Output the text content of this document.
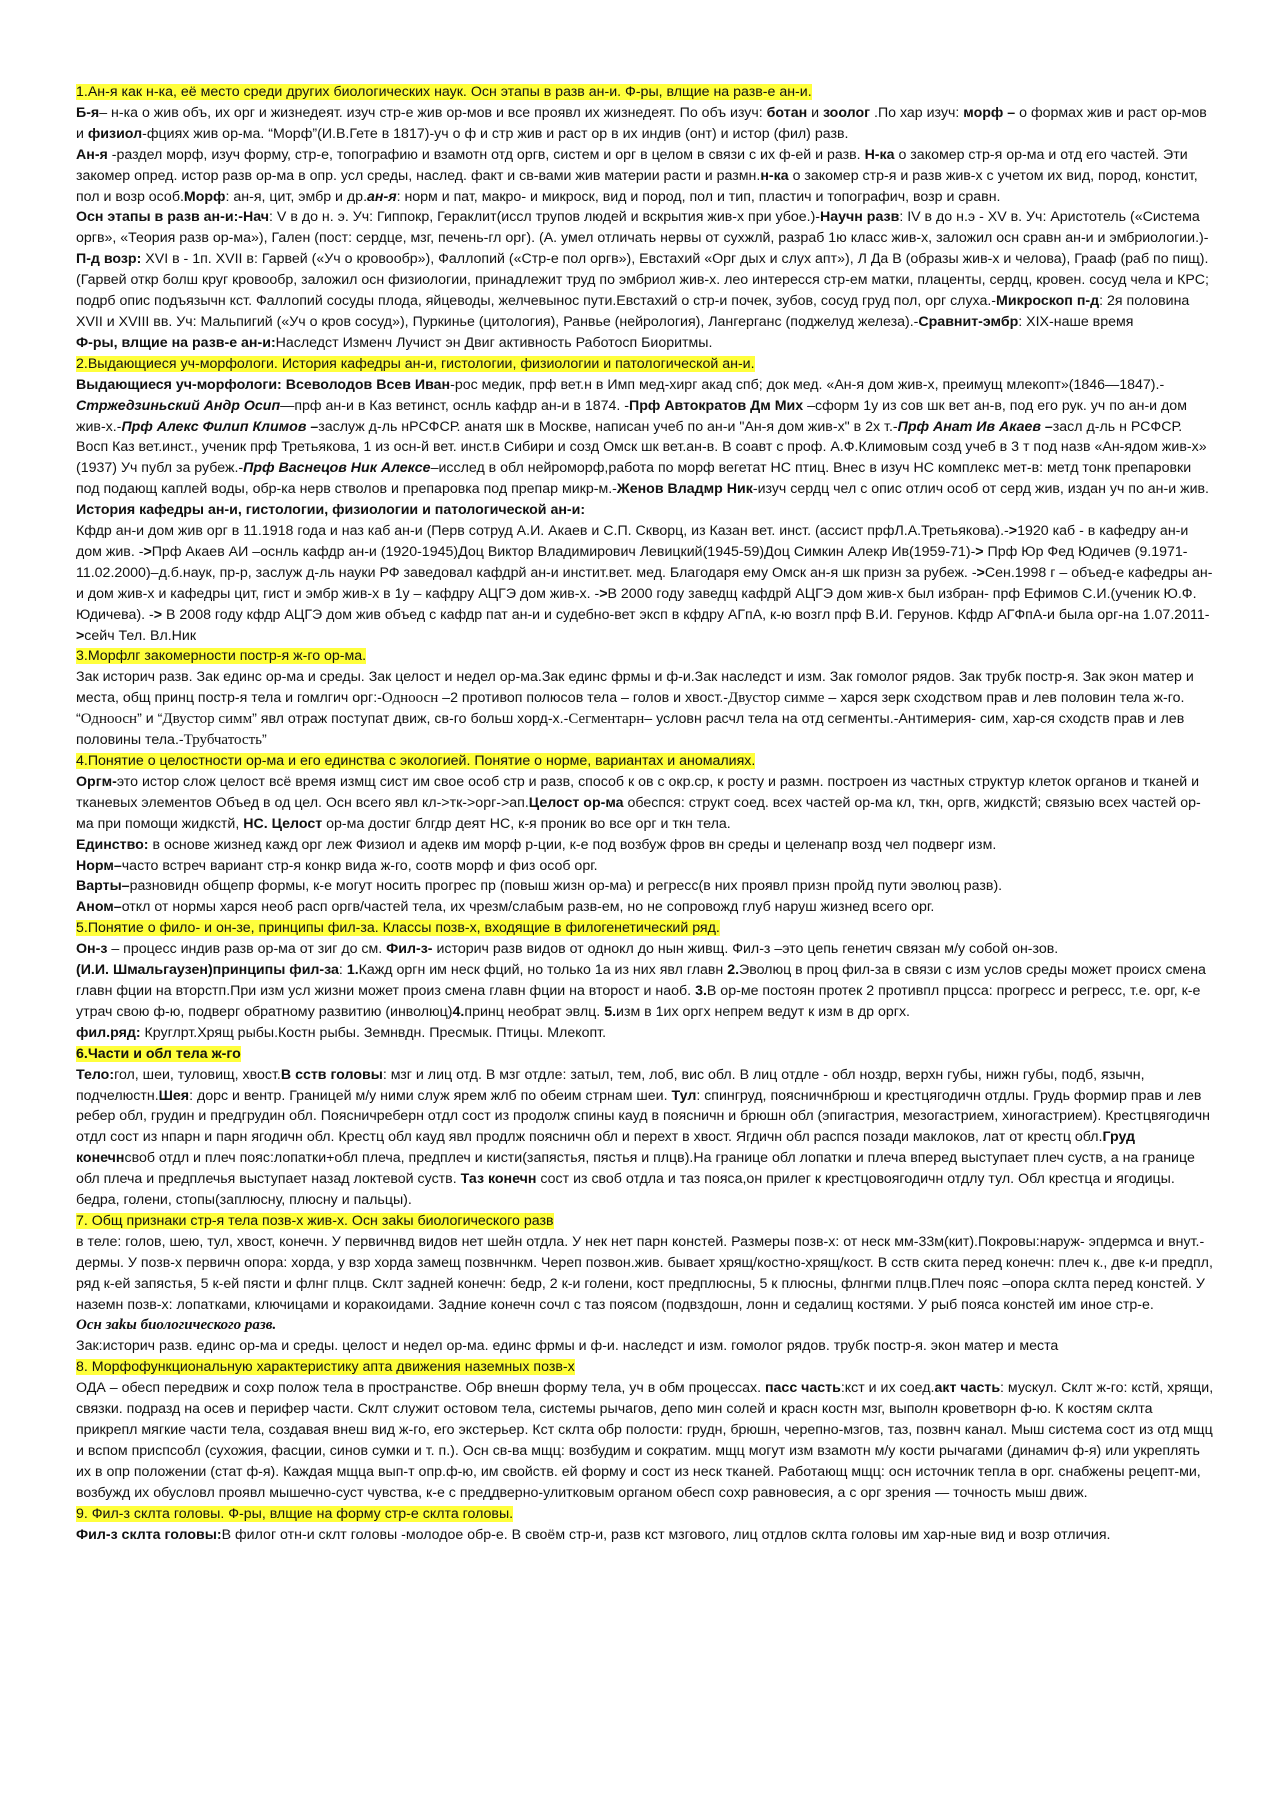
1.Ан-я как н-ка, её место среди других биологических наук. Осн этапы в разв ан-и. Ф-ры, влщие на разв-е ан-и.
Б-я– н-ка о жив объ, их орг и жизнедеят. изуч стр-е жив ор-мов и все проявл их жизнедеят. По объ изуч: ботан и зоолог .По хар изуч: морф – о формах жив и раст ор-мов и физиол-фциях жив ор-ма. “Морф”(И.В.Гете в 1817)-уч о ф и стр жив и раст ор в их индив (онт) и истор (фил) разв.
Ан-я -раздел морф, изуч форму, стр-е, топографию и взамотн отд оргв, систем и орг в целом в связи с их ф-ей и разв. Н-ка о закомер стр-я ор-ма и отд его частей. Эти закомер опред. истор разв ор-ма в опр. усл среды, наслед. факт и св-вами жив материи расти и размн.н-ка о закомер стр-я и разв жив-х с учетом их вид, пород, констит, пол и возр особ.Морф: ан-я, цит, эмбр и др.ан-я: норм и пат, макро- и микроск, вид и пород, пол и тип, пластич и топографич, возр и сравн.
Осн этапы в разв ан-и:-Нач: V в до н. э. Уч: Гиппокр, Гераклит(иссл трупов людей и вскрытия жив-х при убое.)-Научн разв: IV в до н.э - XV в. Уч: Аристотель («Система оргв», «Теория разв ор-ма»), Гален (пост: сердце, мзг, печень-гл орг). (А. умел отличать нервы от сухжлй, разраб 1ю класс жив-х, заложил осн сравн ан-и и эмбриологии.)-П-д возр: XVI в - 1п. XVII в: Гарвей («Уч о кровообр»), Фаллопий («Стр-е пол оргв»), Евстахий «Орг дых и слух апт»), Л Да В (образы жив-х и челова), Грааф (раб по пищ).(Гарвей откр болш круг кровообр, заложил осн физиологии, принадлежит труд по эмбриол жив-х. лео интересся стр-ем матки, плаценты, сердц, кровен. сосуд чела и КРС; подрб опис подъязычн кст. Фаллопий сосуды плода, яйцеводы, желчевынос пути.Евстахий о стр-и почек, зубов, сосуд груд пол, орг слуха.-Микроскоп п-д: 2я половина XVII и XVIII вв. Уч: Мальпигий («Уч о кров сосуд»), Пуркинье (цитология), Ранвье (нейрология), Лангерганс (поджелуд железа).-Сравнит-эмбр: XIX-наше время
Ф-ры, влщие на разв-е ан-и:Наследст Изменч Лучист эн Двиг активность Работосп Биоритмы.
2.Выдающиеся уч-морфологи. История кафедры ан-и, гистологии, физиологии и патологической ан-и.
Выдающиеся уч-морфологи: Всеволодов Всев Иван-рос медик, прф вет.н в Имп мед-хирг акад спб; док мед. «Ан-я дом жив-х, преимущ млекопт»(1846—1847).-Стржедзиньский Андр Осип—прф ан-и в Каз ветинст, оснль кафдр ан-и в 1874. -Прф Автократов Дм Мих –сформ 1у из сов шк вет ан-в, под его рук. уч по ан-и дом жив-х.-Прф Алекс Филип Климов –заслуж д-ль нРСФСР. анатя шк в Москве, написан учеб по ан-и "Ан-я дом жив-х" в 2х т.-Прф Анат Ив Акаев –засл д-ль н РСФСР. Восп Каз вет.инст., ученик прф Третьякова, 1 из осн-й вет. инст.в Сибири и созд Омск шк вет.ан-в. В соавт с проф. А.Ф.Климовым созд учеб в 3 т под назв «Ан-ядом жив-х» (1937) Уч публ за рубеж.-Прф Васнецов Ник Алексе–исслед в обл нейроморф,работа по морф вегетат НС птиц. Внес в изуч НС комплекс мет-в: метд тонк препаровки под подающ каплей воды, обр-ка нерв стволов и препаровка под препар микр-м.-Женов Владмр Ник-изуч сердц чел с опис отлич особ от серд жив, издан уч по ан-и жив.
История кафедры ан-и, гистологии, физиологии и патологической ан-и:
Кфдр ан-и дом жив орг в 11.1918 года и наз каб ан-и (Перв сотруд А.И. Акаев и С.П. Скворц, из Казан вет. инст. (ассист прфЛ.А.Третьякова).->1920 каб - в кафедру ан-и дом жив. ->Прф Акаев АИ –оснль кафдр ан-и (1920-1945)Доц Виктор Владимирович Левицкий(1945-59)Доц Симкин Алекр Ив(1959-71)-> Прф Юр Фед Юдичев (9.1971-11.02.2000)–д.б.наук, пр-р, заслуж д-ль науки РФ заведовал кафдрй ан-и инстит.вет. мед. Благодаря ему Омск ан-я шк призн за рубеж. ->Сен.1998 г – объед-е кафедры ан-и дом жив-х и кафедры цит, гист и эмбр жив-х в 1у – кафдру АЦГЭ дом жив-х. ->В 2000 году заведщ кафдрй АЦГЭ дом жив-х был избран- прф Ефимов С.И.(ученик Ю.Ф. Юдичева). -> В 2008 году кфдр АЦГЭ дом жив объед с кафдр пат ан-и и судебно-вет эксп в кфдру АГпА, к-ю возгл прф В.И. Герунов. Кфдр АГФпА-и была орг-на 1.07.2011->сейч Тел. Вл.Ник
3.Морфлг закомерности постр-я ж-го ор-ма.
Зак историч разв. Зак единс ор-ма и среды. Зак целост и недел ор-ма.Зак единс фрмы и ф-и.Зак наследст и изм. Зак гомолог рядов. Зак трубк постр-я. Зак экон матер и места, общ принц постр-я тела и гомлгич орг:-Одноосн –2 противоп полюсов тела – голов и хвост.-Двустор симме – харся зерк сходством прав и лев половин тела ж-го. “Одноосн” и “Двустор симм” явл отраж поступат движ, св-го больш хорд-х.-Сегментарн– условн расчл тела на отд сегменты.-Антимерия- сим, хар-ся сходств прав и лев половины тела.-Трубчатость”
4.Понятие о целостности ор-ма и его единства с экологией. Понятие о норме, вариантах и аномалиях.
Оргм-это истор слож целост всё время измщ сист им свое особ стр и разв, способ к ов с окр.ср, к росту и размн. построен из частных структур клеток органов и тканей и тканевых элементов Объед в од цел. Осн всего явл кл->тк->орг->ап.Целост ор-ма обеспся: структ соед. всех частей ор-ма кл, ткн, оргв, жидкстй; связыю всех частей ор-ма при помощи жидкстй, НС. Целост ор-ма достиг блгдр деят НС, к-я проник во все орг и ткн тела.
Единство: в основе жизнед кажд орг леж Физиол и адекв им морф р-ции, к-е под возбуж фров вн среды и целенапр возд чел подверг изм.
Норм–часто встреч вариант стр-я конкр вида ж-го, соотв морф и физ особ орг.
Варты–разновидн общепр формы, к-е могут носить прогрес пр (повыш жизн ор-ма) и регресс(в них проявл призн пройд пути эволюц разв).
Аном–откл от нормы харся необ расп оргв/частей тела, их чрезм/слабым разв-ем, но не сопровожд глуб наруш жизнед всего орг.
5.Понятие о фило- и он-зе, принципы фил-за. Классы позв-х, входящие в филогенетический ряд.
Он-з – процесс индив разв ор-ма от зиг до см. Фил-з- историч разв видов от однокл до нын живщ. Фил-з –это цепь генетич связан м/у собой он-зов.
(И.И. Шмальгаузен)принципы фил-за: 1.Кажд оргн им неск фций, но только 1а из них явл главн 2.Эволюц в проц фил-за в связи с изм услов среды может происх смена главн фции на вторстп.При изм усл жизни может произ смена главн фции на второст и наоб. 3.В ор-ме постоян протек 2 противпл прцсса: прогресс и регресс, т.е. орг, к-е утрач свою ф-ю, подверг обратному развитию (инволюц)4.принц необрат эвлц. 5.изм в 1их оргх непрем ведут к изм в др оргх.
фил.ряд: Круглрт.Хрящ рыбы.Костн рыбы. Земнвдн. Пресмык. Птицы. Млекопт.
6.Части и обл тела ж-го
Тело:гол, шеи, туловищ, хвост.В сств головы: мзг и лиц отд. В мзг отдле: затыл, тем, лоб, вис обл. В лиц отдле - обл ноздр, верхн губы, нижн губы, подб, язычн, подчелюстн.Шея: дорс и вентр. Границей м/у ними служ ярем жлб по обеим стрнам шеи. Тул: спингруд, поясничнбрюш и крестцягодичн отдлы. Грудь формир прав и лев ребер обл, грудин и предгрудин обл. Поясничреберн отдл сост из продолж спины кауд в поясничн и брюшн обл (эпигастрия, мезогастрием, хиногастрием). Крестцвягодичн отдл сост из нпарн и парн ягодичн обл. Крестц обл кауд явл продлж поясничн обл и перехт в хвост. Ягдичн обл распся позади маклоков, лат от крестц обл.Груд конечнсвоб отдл и плеч пояс:лопатки+обл плеча, предплеч и кисти(запястья, пястья и плцв).На границе обл лопатки и плеча вперед выступает плеч суств, а на границе обл плеча и предплечья выступает назад локтевой суств. Таз конечн сост из своб отдла и таз пояса,он прилег к крестцовоягодичн отдлу тул. Обл крестца и ягодицы. бедра, голени, стопы(заплюсну, плюсну и пальцы).
7. Общ признаки стр-я тела позв-х жив-х. Осн заkы биологического разв
в теле: голов, шею, тул, хвост, конечн. У первичнвд видов нет шейн отдла. У нек нет парн констей. Размеры позв-х: от неск мм-33м(кит).Покровы:наруж- эпдермса и внут.-дермы. У позв-х первичн опора: хорда, у взр хорда замещ позвнчнкм. Череп позвон.жив. бывает хрящ/костно-хрящ/кост. В сств скита перед конечн: плеч к., две к-и предпл, ряд к-ей запястья, 5 к-ей пясти и флнг плцв. Склт задней конечн: бедр, 2 к-и голени, кост предплюсны, 5 к плюсны, флнгми плцв.Плеч пояс –опора склта перед констей. У наземн позв-х: лопатками, ключицами и коракоидами. Задние конечн сочл с таз поясом (подвздошн, лонн и седалищ костями. У рыб пояса констей им иное стр-е.
Осн заkы биологического разв.
Зак:историч разв. единс ор-ма и среды. целост и недел ор-ма. единс фрмы и ф-и. наследст и изм. гомолог рядов. трубк постр-я. экон матер и места
8. Морфофункциональную характеристику апта движения наземных позв-х
ОДА – обесп передвиж и сохр полож тела в пространстве. Обр внешн форму тела, уч в обм процессах. пасс часть:кст и их соед.акт часть: мускул. Склт ж-го: кстй, хрящи, связки. подразд на осев и перифер части. Склт служит остовом тела, системы рычагов, депо мин солей и красн костн мзг, выполн кроветворн ф-ю. К костям склта прикрепл мягкие части тела, создавая внеш вид ж-го, его экстерьер. Кст склта обр полости: грудн, брюшн, черепно-мзгов, таз, позвнч канал. Мыш система сост из отд мщц и вспом приспсобл (сухожия, фасции, синов сумки и т. п.). Осн св-ва мщц: возбудим и сократим. мщц могут изм взамотн м/у кости рычагами (динамич ф-я) или укреплять их в опр положении (стат ф-я). Каждая мщца вып-т опр.ф-ю, им свойств. ей форму и сост из неск тканей. Работающ мщц: осн источник тепла в орг. снабжены рецепт-ми, возбужд их обусловл проявл мышечно-суст чувства, к-е с преддверно-улитковым органом обесп сохр равновесия, а с орг зрения — точность мыш движ.
9. Фил-з склта головы. Ф-ры, влщие на форму стр-е склта головы.
Фил-з склта головы:В филог отн-и склт головы -молодое обр-е. В своём стр-и, разв кст мзгового, лиц отдлов склта головы им хар-ные вид и возр отличия.
